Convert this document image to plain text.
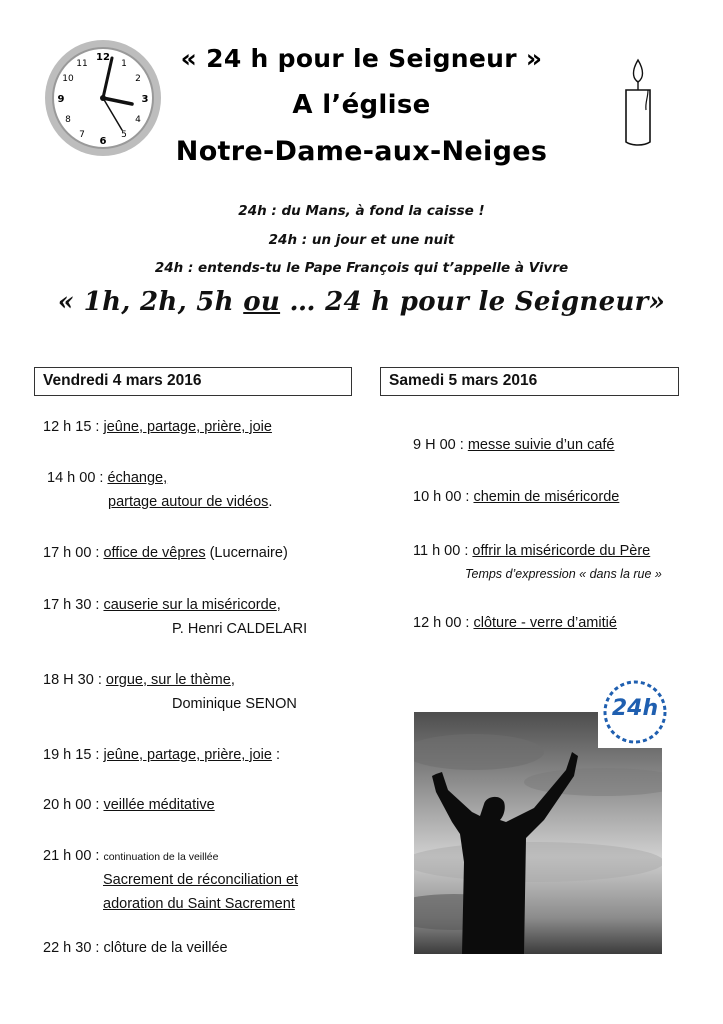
12
1
2
3
4
5
6
7
8
9
10
11	« 24 h pour le Seigneur »
A l’église
Notre-Dame-aux-Neiges
24h : du Mans, à fond la caisse !
24h : un jour et une nuit
24h : entends-tu le Pape François qui t’appelle à Vivre
« 1h, 2h, 5h ou … 24 h pour le Seigneur»
Vendredi 4 mars 2016	Samedi 5 mars 2016
12 h 15 : jeûne, partage, prière, joie
14 h 00 : échange,
partage autour de vidéos.
17 h 00 : office de vêpres (Lucernaire)
17 h 30 : causerie sur la miséricorde,
P. Henri CALDELARI
18 H 30 : orgue, sur le thème,
Dominique SENON
19 h 15 : jeûne, partage, prière, joie :
20 h 00 : veillée méditative
21 h 00 : continuation de la veillée
Sacrement de réconciliation et
adoration du Saint Sacrement
22 h 30 : clôture de la veillée
9 H 00 : messe suivie d’un café
10 h 00 : chemin de miséricorde
11 h 00 : offrir la miséricorde du Père
Temps d’expression « dans la rue »
12 h 00 : clôture - verre d’amitié
24h
